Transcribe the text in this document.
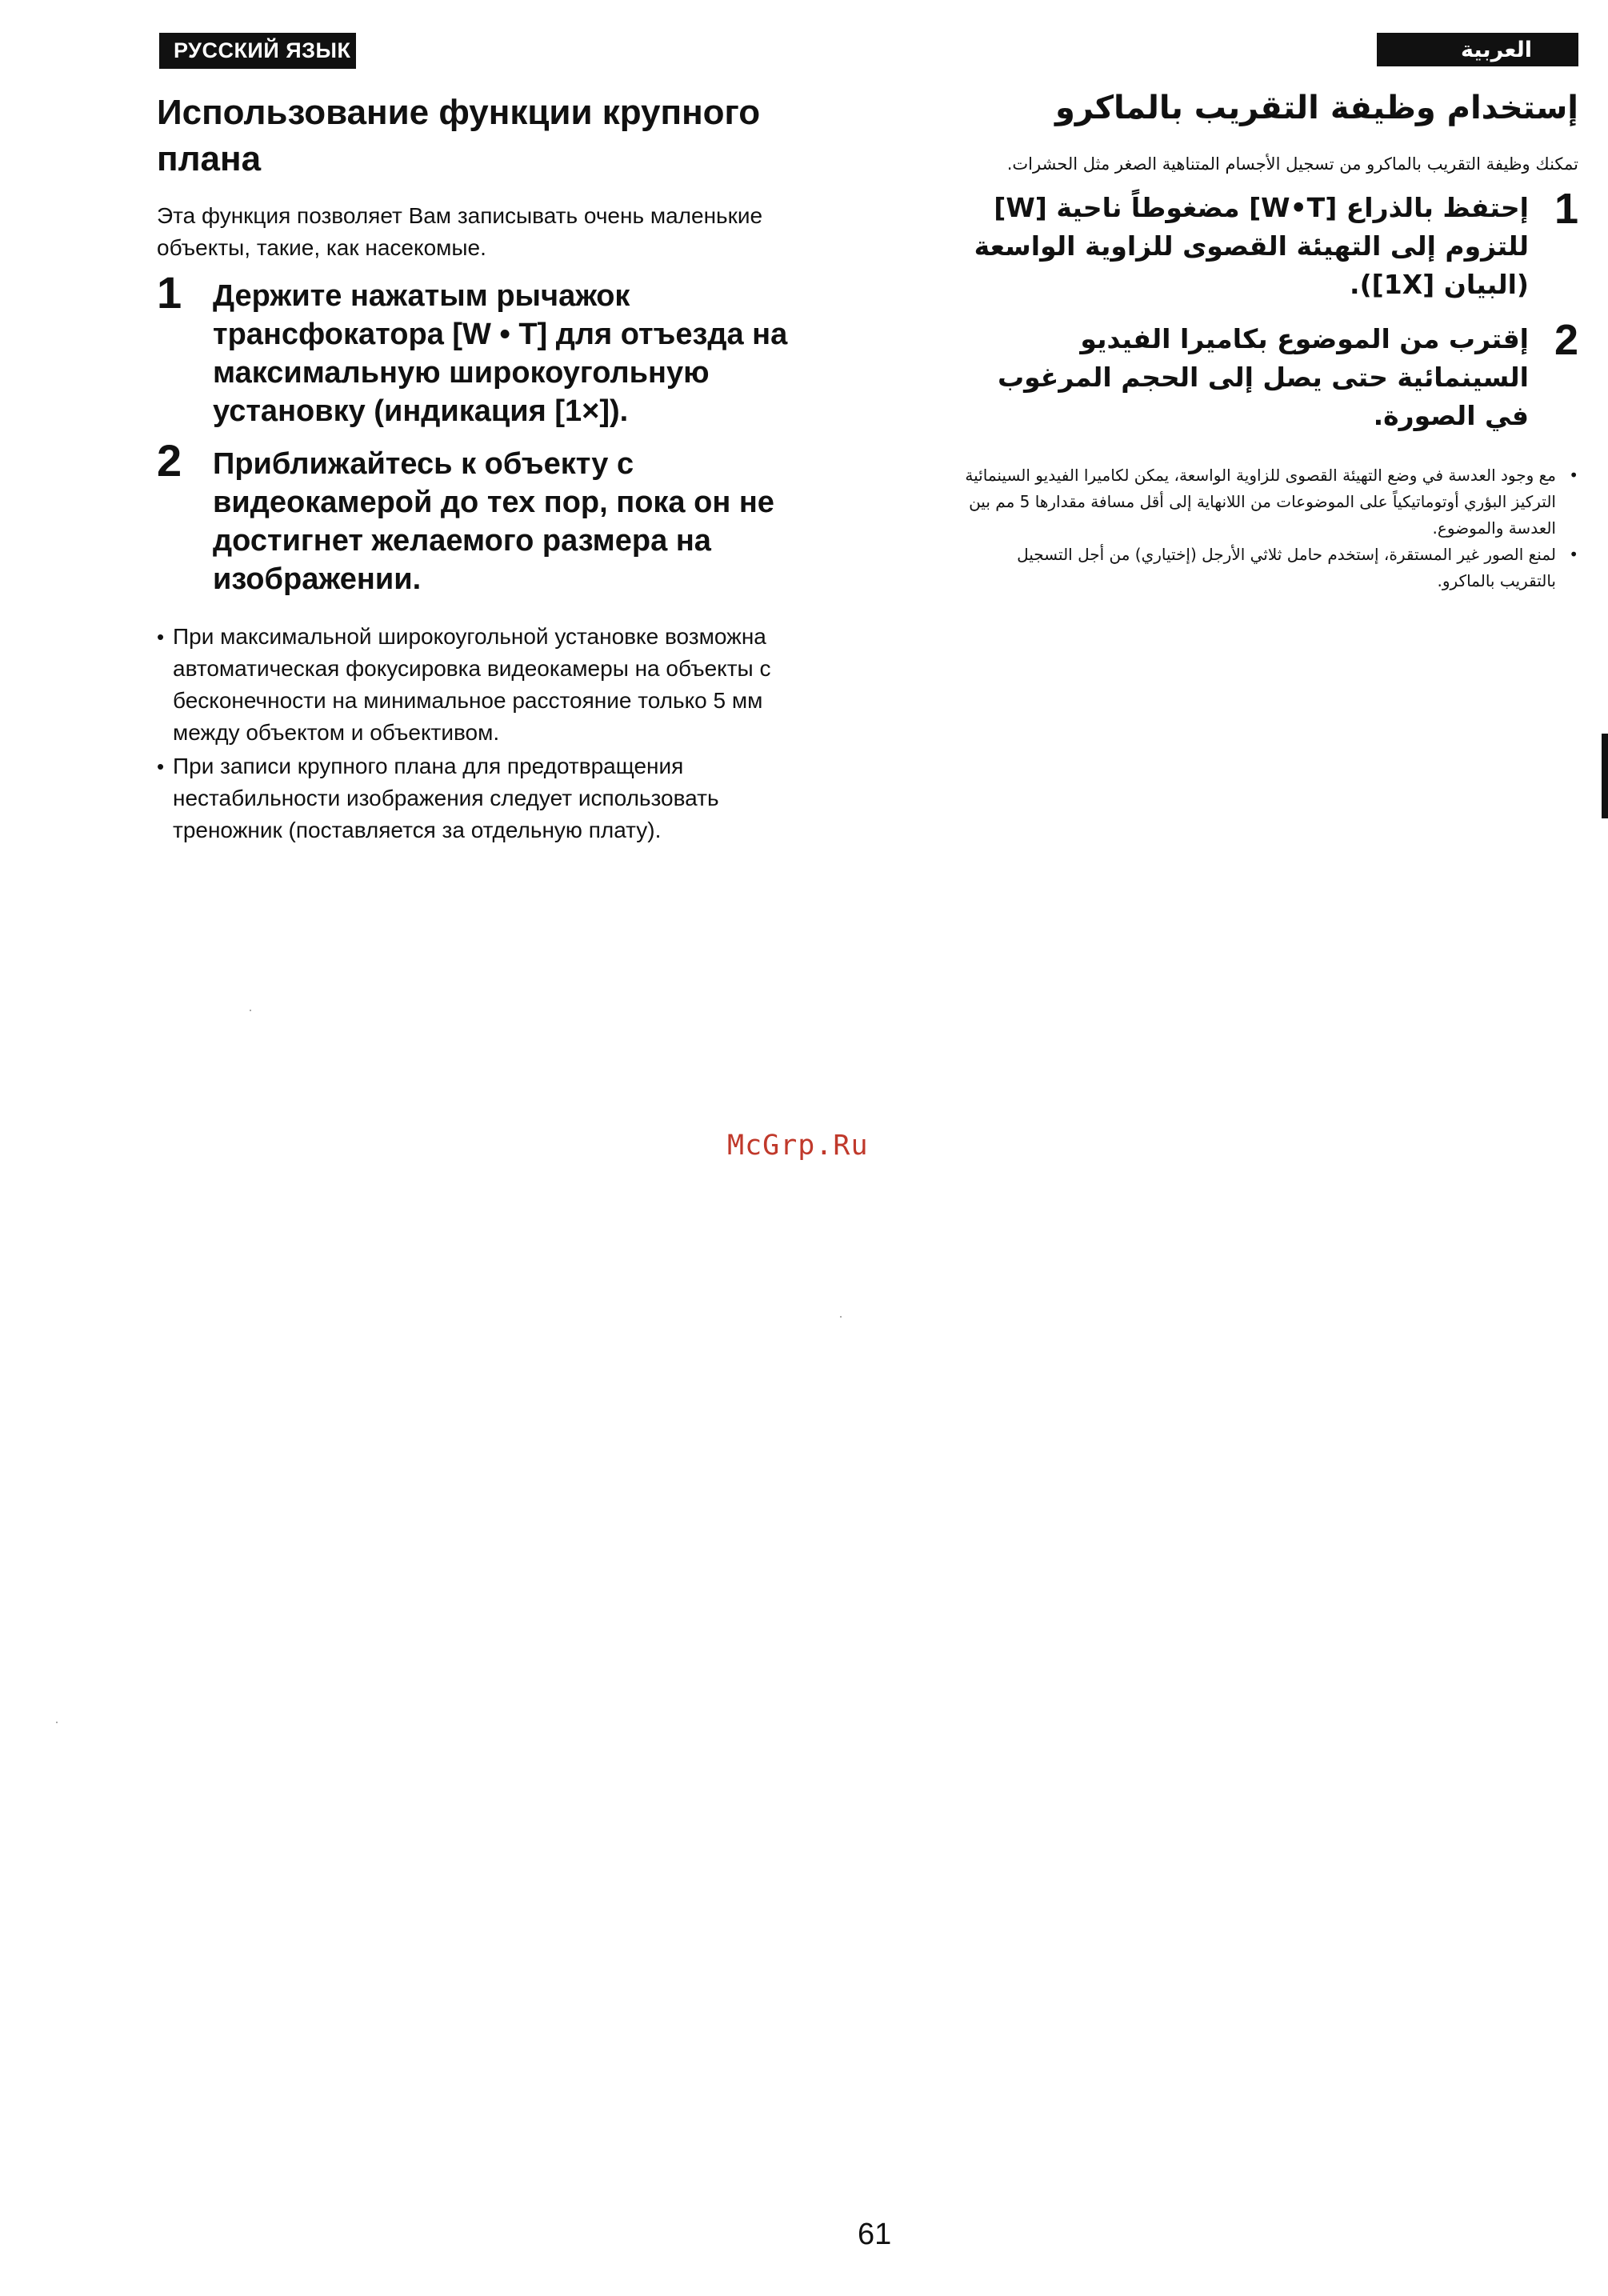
РУССКИЙ ЯЗЫК	العربية
Использование функции крупного плана

Эта функция позволяет Вам записывать очень маленькие объекты, такие, как насекомые.

1 Держите нажатым рычажок трансфокатора [W • T] для отъезда на максимальную широкоугольную установку (индикация [1×]).
2 Приближайтесь к объекту с видеокамерой до тех пор, пока он не достигнет желаемого размера на изображении.
• При максимальной широкоугольной установке возможна автоматическая фокусировка видеокамеры на объекты с бесконечности на минимальное расстояние только 5 мм между объектом и объективом.
• При записи крупного плана для предотвращения нестабильности изображения следует использовать треножник (поставляется за отдельную плату).
إستخدام وظيفة التقريب بالماكرو

تمكنك وظيفة التقريب بالماكرو من تسجيل الأجسام المتناهية الصغر مثل الحشرات.

1
إحتفظ بالذراع [W•T] مضغوطاً ناحية [W] للتزوم إلى التهيئة القصوى للزاوية الواسعة (البيان [1X]).
2
إقترب من الموضوع بكاميرا الفيديو السينمائية حتى يصل إلى الحجم المرغوب في الصورة.
•
مع وجود العدسة في وضع التهيئة القصوى للزاوية الواسعة، يمكن لكاميرا الفيديو السينمائية التركيز البؤري أوتوماتيكياً على الموضوعات من اللانهاية إلى أقل مسافة مقدارها 5 مم بين العدسة والموضوع.
•
لمنع الصور غير المستقرة، إستخدم حامل ثلاثي الأرجل (إختياري) من أجل التسجيل بالتقريب بالماكرو.
McGrp.Ru
61
